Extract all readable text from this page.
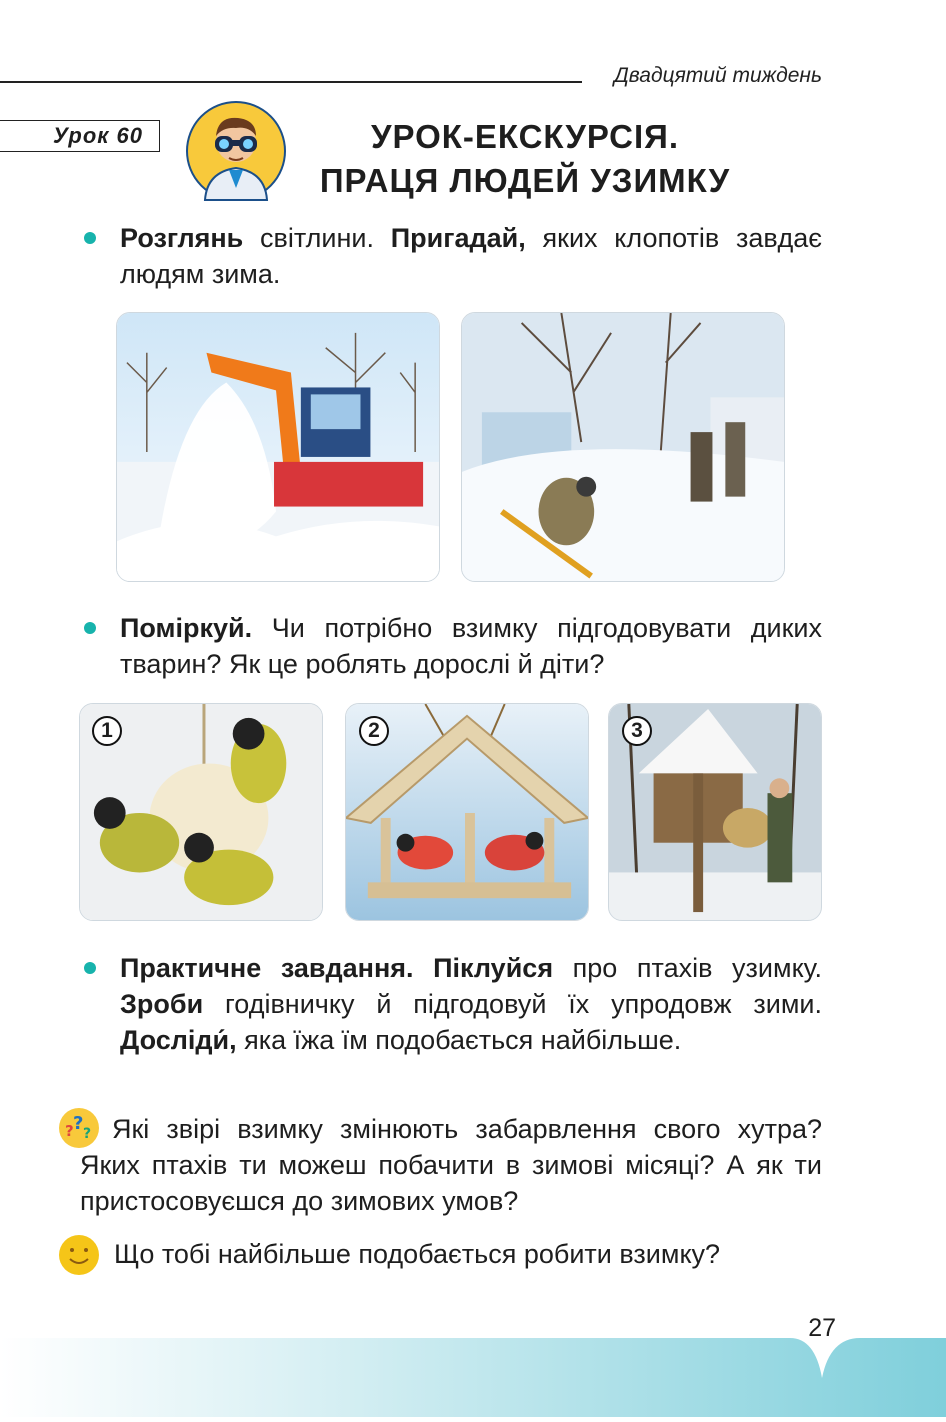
Двадцятий тиждень
Урок 60	УРОК-ЕКСКУРСІЯ.
ПРАЦЯ ЛЮДЕЙ УЗИМКУ
Розглянь світлини. Пригадай, яких клопотів завдає людям зима.
Поміркуй. Чи потрібно взимку підгодовувати диких тварин? Як це роблять дорослі й діти?
1	2	3
Практичне завдання. Піклуйся про птахів узимку. Зроби годівничку й підгодовуй їх упродовж зими. Досліди́, яка їжа їм подобається найбільше.
? ? ? Які звірі взимку змінюють забарвлення свого хутра? Яких птахів ти можеш побачити в зимові місяці? А як ти пристосовуєшся до зимових умов?
Що тобі найбільше подобається робити взимку?
27
